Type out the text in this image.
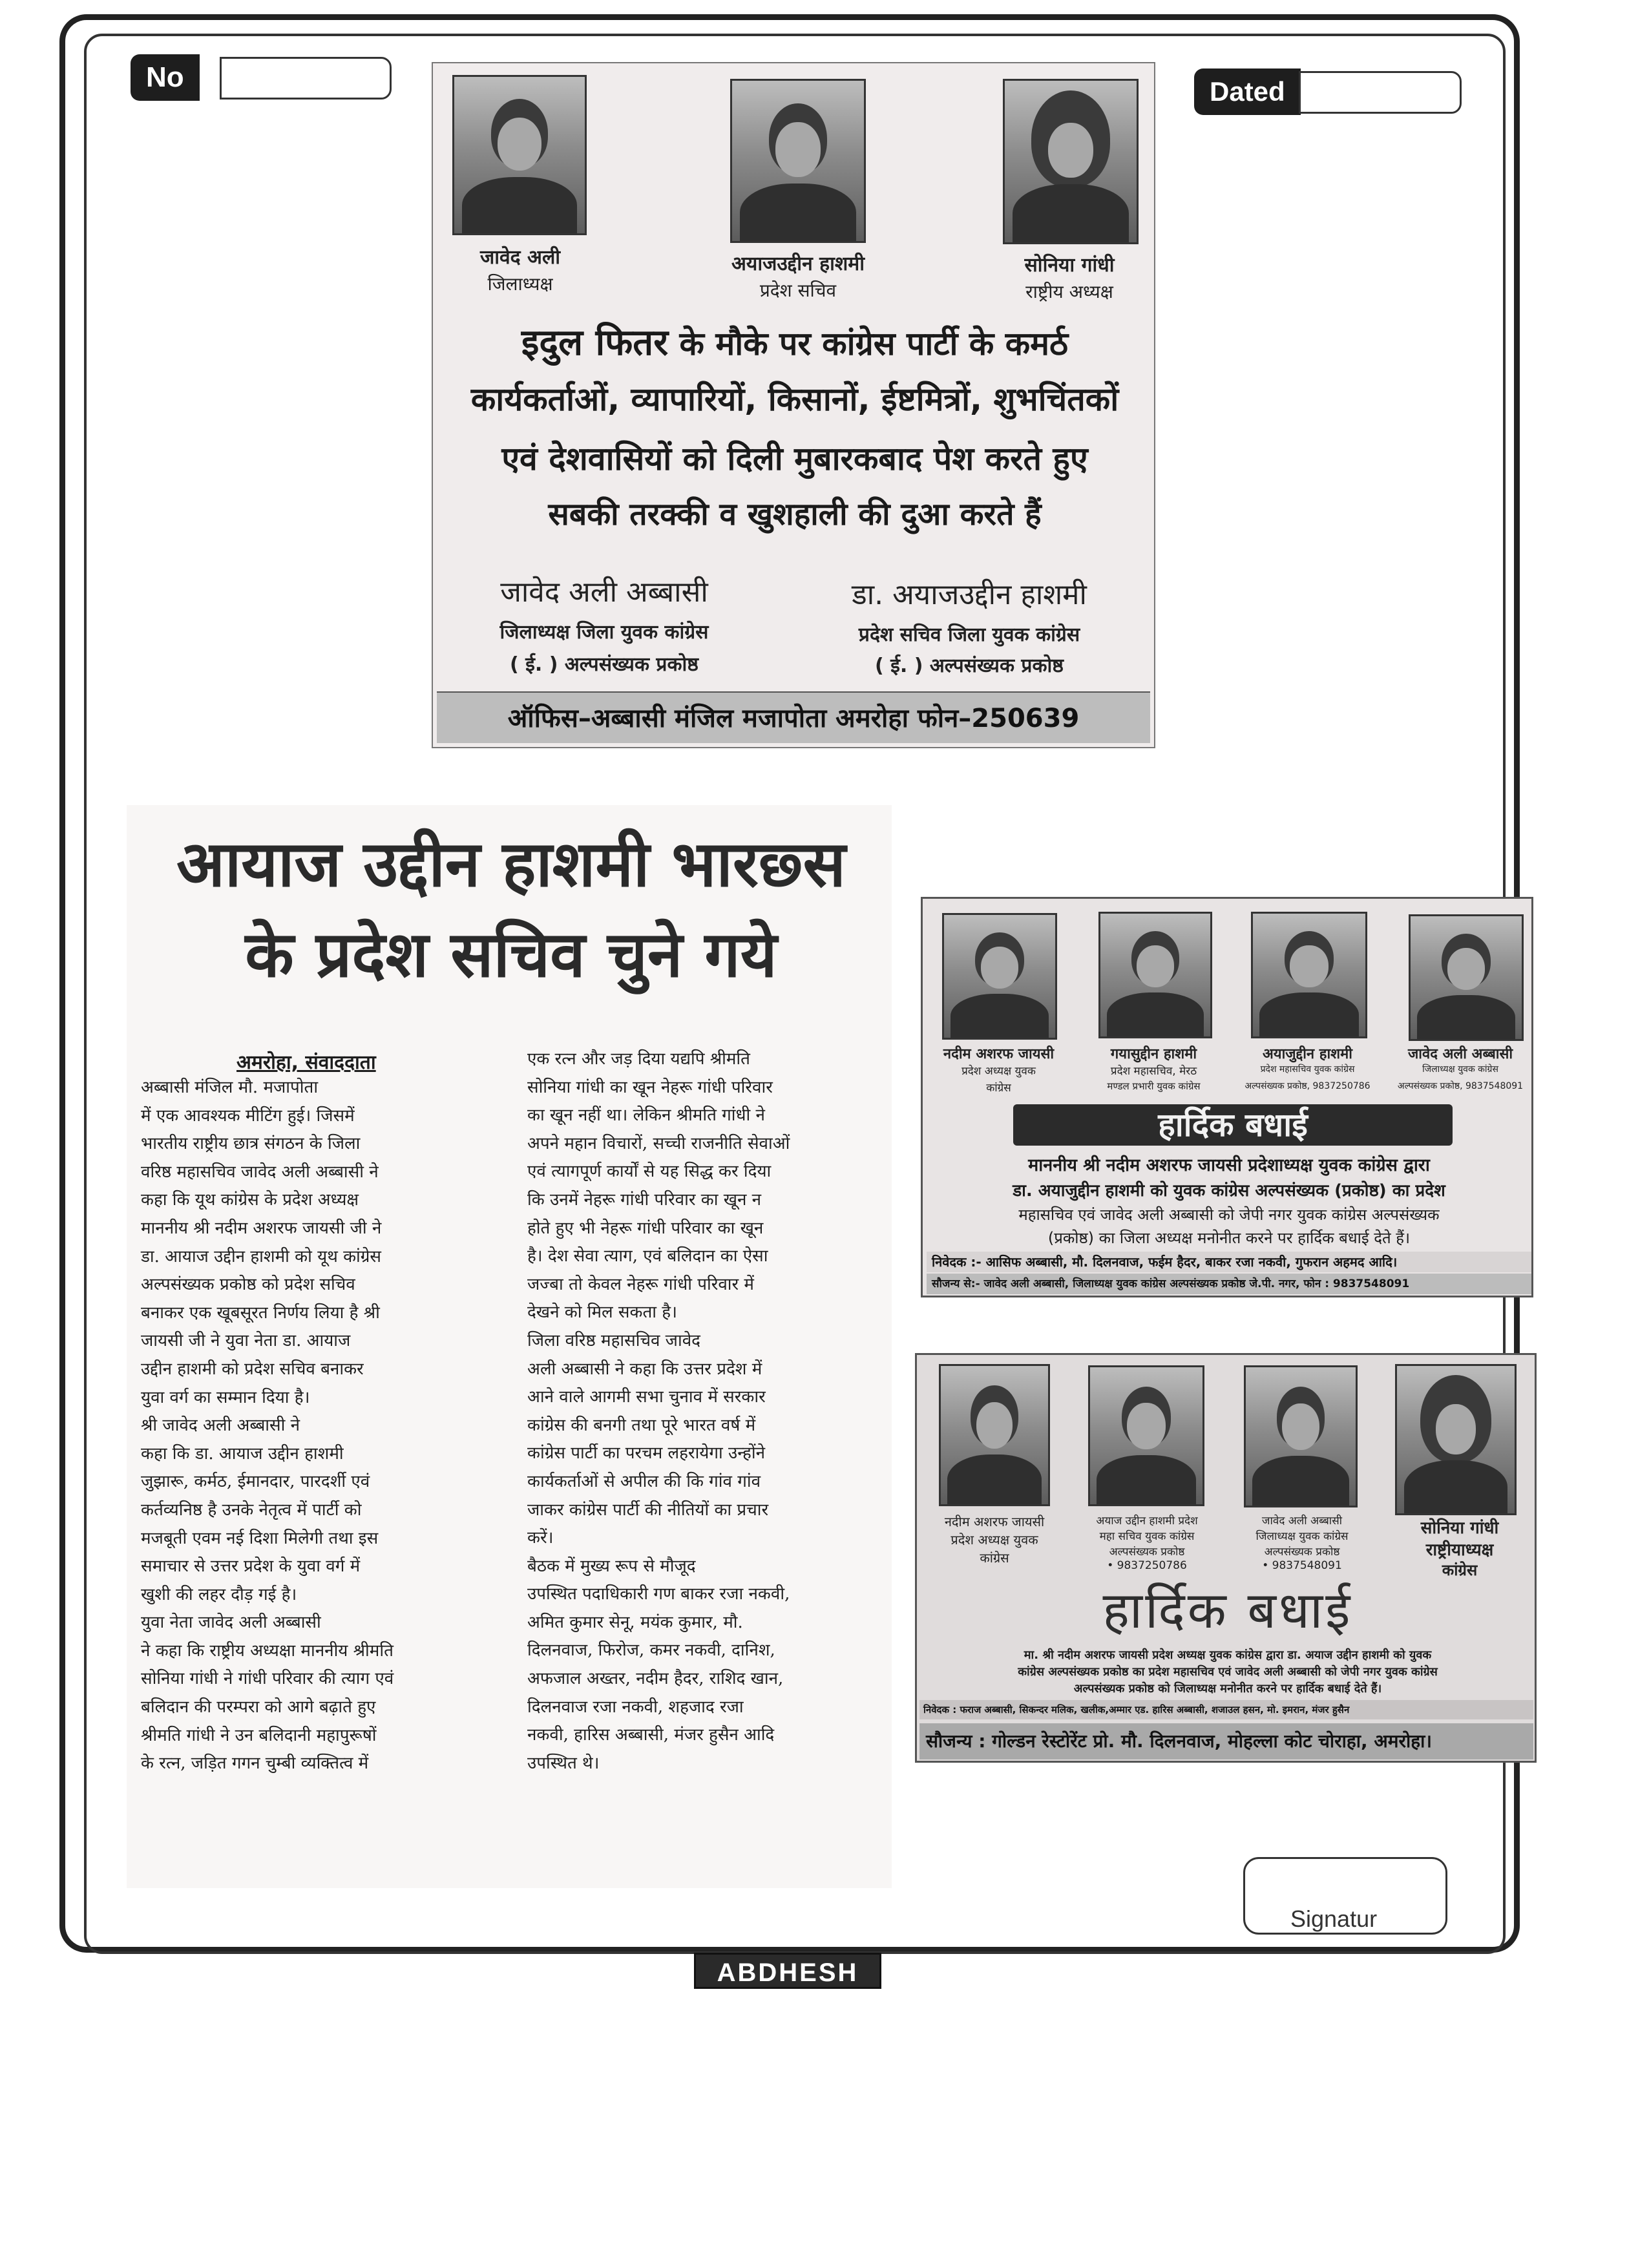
No	Dated
जावेद अली
जिलाध्यक्ष
अयाजउद्दीन हाशमी
प्रदेश सचिव
सोनिया गांधी
राष्ट्रीय अध्यक्ष
इदुल फितर के मौके पर कांग्रेस पार्टी के कमर्ठ
कार्यकर्ताओं, व्यापारियों, किसानों, ईष्टमित्रों, शुभचिंतकों
एवं देशवासियों को दिली मुबारकबाद पेश करते हुए
सबकी तरक्की व खुशहाली की दुआ करते हैं
जावेद अली अब्बासी
जिलाध्यक्ष जिला युवक कांग्रेस
( ई. ) अल्पसंख्यक प्रकोष्ठ
डा. अयाजउद्दीन हाशमी
प्रदेश सचिव जिला युवक कांग्रेस
( ई. ) अल्पसंख्यक प्रकोष्ठ
ऑफिस–अब्बासी मंजिल मजापोता अमरोहा फोन–250639
आयाज उद्दीन हाशमी भारछ्स
के प्रदेश सचिव चुने गये
अमरोहा, संवाददाता
अब्बासी मंजिल मौ. मजापोता
में एक आवश्यक मीटिंग हुई। जिसमें
भारतीय राष्ट्रीय छात्र संगठन के जिला
वरिष्ठ महासचिव जावेद अली अब्बासी ने
कहा कि यूथ कांग्रेस के प्रदेश अध्यक्ष
माननीय श्री नदीम अशरफ जायसी जी ने
डा. आयाज उद्दीन हाशमी को यूथ कांग्रेस
अल्पसंख्यक प्रकोष्ठ को प्रदेश सचिव
बनाकर एक खूबसूरत निर्णय लिया है श्री
जायसी जी ने युवा नेता डा. आयाज
उद्दीन हाशमी को प्रदेश सचिव बनाकर
युवा वर्ग का सम्मान दिया है।
श्री जावेद अली अब्बासी ने
कहा कि डा. आयाज उद्दीन हाशमी
जुझारू, कर्मठ, ईमानदार, पारदर्शी एवं
कर्तव्यनिष्ठ है उनके नेतृत्व में पार्टी को
मजबूती एवम नई दिशा मिलेगी तथा इस
समाचार से उत्तर प्रदेश के युवा वर्ग में
खुशी की लहर दौड़ गई है।
युवा नेता जावेद अली अब्बासी
ने कहा कि राष्ट्रीय अध्यक्षा माननीय श्रीमति
सोनिया गांधी ने गांधी परिवार की त्याग एवं
बलिदान की परम्परा को आगे बढ़ाते हुए
श्रीमति गांधी ने उन बलिदानी महापुरूषों
के रत्न, जड़ित गगन चुम्बी व्यक्तित्व में
एक रत्न और जड़ दिया यद्यपि श्रीमति
सोनिया गांधी का खून नेहरू गांधी परिवार
का खून नहीं था। लेकिन श्रीमति गांधी ने
अपने महान विचारों, सच्ची राजनीति सेवाओं
एवं त्यागपूर्ण कार्यों से यह सिद्ध कर दिया
कि उनमें नेहरू गांधी परिवार का खून न
होते हुए भी नेहरू गांधी परिवार का खून
है। देश सेवा त्याग, एवं बलिदान का ऐसा
जज्बा तो केवल नेहरू गांधी परिवार में
देखने को मिल सकता है।
जिला वरिष्ठ महासचिव जावेद
अली अब्बासी ने कहा कि उत्तर प्रदेश में
आने वाले आगमी सभा चुनाव में सरकार
कांग्रेस की बनगी तथा पूरे भारत वर्ष में
कांग्रेस पार्टी का परचम लहरायेगा उन्होंने
कार्यकर्ताओं से अपील की कि गांव गांव
जाकर कांग्रेस पार्टी की नीतियों का प्रचार
करें।
बैठक में मुख्य रूप से मौजूद
उपस्थित पदाधिकारी गण बाकर रजा नकवी,
अमित कुमार सेनू, मयंक कुमार, मौ.
दिलनवाज, फिरोज, कमर नकवी, दानिश,
अफजाल अख्तर, नदीम हैदर, राशिद खान,
दिलनवाज रजा नकवी, शहजाद रजा
नकवी, हारिस अब्बासी, मंजर हुसैन आदि
उपस्थित थे।
नदीम अशरफ जायसी
प्रदेश अध्यक्ष युवक
कांग्रेस
गयासुद्दीन हाशमी
प्रदेश महासचिव, मेरठ
मण्डल प्रभारी युवक कांग्रेस
अयाजुद्दीन हाशमी
प्रदेश महासचिव युवक कांग्रेस
अल्पसंख्यक प्रकोष्ठ, 9837250786
जावेद अली अब्बासी
जिलाध्यक्ष युवक कांग्रेस
अल्पसंख्यक प्रकोष्ठ, 9837548091
हार्दिक बधाई
माननीय श्री नदीम अशरफ जायसी प्रदेशाध्यक्ष युवक कांग्रेस द्वारा
डा. अयाजुद्दीन हाशमी को युवक कांग्रेस अल्पसंख्यक (प्रकोष्ठ) का प्रदेश
महासचिव एवं जावेद अली अब्बासी को जेपी नगर युवक कांग्रेस अल्पसंख्यक
(प्रकोष्ठ) का जिला अध्यक्ष मनोनीत करने पर हार्दिक बधाई देते हैं।
निवेदक :- आसिफ अब्बासी, मौ. दिलनवाज, फईम हैदर, बाकर रजा नकवी, गुफरान अहमद आदि।
सौजन्य से:- जावेद अली अब्बासी, जिलाध्यक्ष युवक कांग्रेस अल्पसंख्यक प्रकोष्ठ जे.पी. नगर, फोन : 9837548091
नदीम अशरफ जायसी
प्रदेश अध्यक्ष युवक
कांग्रेस
अयाज उद्दीन हाशमी प्रदेश
महा सचिव युवक कांग्रेस
अल्पसंख्यक प्रकोष्ठ
• 9837250786
जावेद अली अब्बासी
जिलाध्यक्ष युवक कांग्रेस
अल्पसंख्यक प्रकोष्ठ
• 9837548091
सोनिया गांधी
राष्ट्रीयाध्यक्ष
कांग्रेस
हार्दिक बधाई
मा. श्री नदीम अशरफ जायसी प्रदेश अध्यक्ष युवक कांग्रेस द्वारा डा. अयाज उद्दीन हाशमी को युवक
कांग्रेस अल्पसंख्यक प्रकोष्ठ का प्रदेश महासचिव एवं जावेद अली अब्बासी को जेपी नगर युवक कांग्रेस
अल्पसंख्यक प्रकोष्ठ को जिलाध्यक्ष मनोनीत करने पर हार्दिक बधाई देते हैं।
निवेदक : फराज अब्बासी, सिकन्दर मलिक, खलीक,अम्मार एड. हारिस अब्बासी, शजाउल हसन, मो. इमरान, मंजर हुसैन
सौजन्य : गोल्डन रेस्टोरेंट प्रो. मौ. दिलनवाज, मोहल्ला कोट चोराहा, अमरोहा।
Signatur
ABDHESH
